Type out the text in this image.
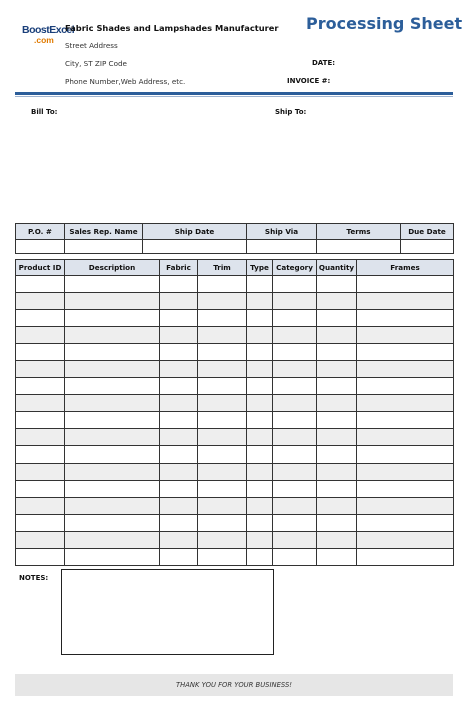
BoostExcel
.com
Fabric Shades and Lampshades Manufacturer
Street Address
City, ST ZIP Code
Phone Number,Web Address, etc.
Processing Sheet
DATE:
INVOICE #:
Bill To:	Ship To:
P.O. #	Sales Rep. Name	Ship Date	Ship Via	Terms	Due Date

Product ID	Description	Fabric	Trim	Type	Category	Quantity	Frames

NOTES:
THANK YOU FOR YOUR BUSINESS!
